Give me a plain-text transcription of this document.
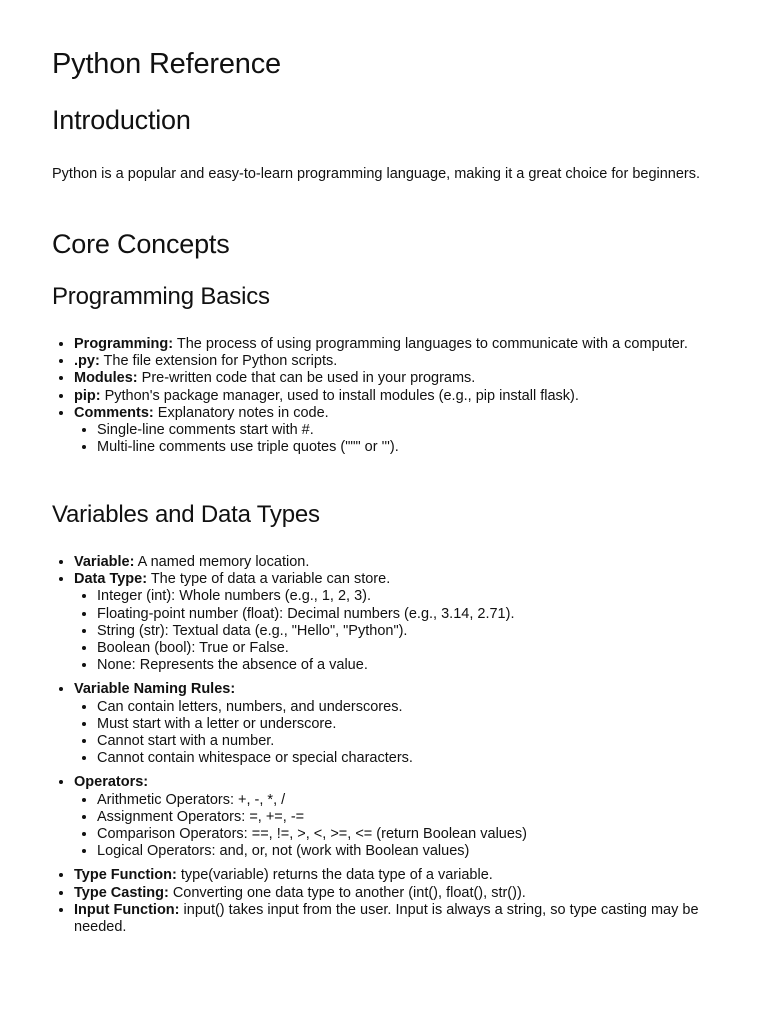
Python Reference
Introduction

Python is a popular and easy-to-learn programming language, making it a great choice for beginners.

Core Concepts
Programming Basics
• Programming: The process of using programming languages to communicate with a computer.
• .py: The file extension for Python scripts.
• Modules: Pre-written code that can be used in your programs.
• pip: Python's package manager, used to install modules (e.g., pip install flask).
• Comments: Explanatory notes in code.
• Single-line comments start with #.
• Multi-line comments use triple quotes (""" or ''').
Variables and Data Types
• Variable: A named memory location.
• Data Type: The type of data a variable can store.
• Integer (int): Whole numbers (e.g., 1, 2, 3).
• Floating-point number (float): Decimal numbers (e.g., 3.14, 2.71).
• String (str): Textual data (e.g., "Hello", "Python").
• Boolean (bool): True or False.
• None: Represents the absence of a value.
• Variable Naming Rules:
• Can contain letters, numbers, and underscores.
• Must start with a letter or underscore.
• Cannot start with a number.
• Cannot contain whitespace or special characters.
• Operators:
• Arithmetic Operators: +, -, *, /
• Assignment Operators: =, +=, -=
• Comparison Operators: ==, !=, >, <, >=, <= (return Boolean values)
• Logical Operators: and, or, not (work with Boolean values)
• Type Function: type(variable) returns the data type of a variable.
• Type Casting: Converting one data type to another (int(), float(), str()).
• Input Function: input() takes input from the user. Input is always a string, so type casting may be needed.
